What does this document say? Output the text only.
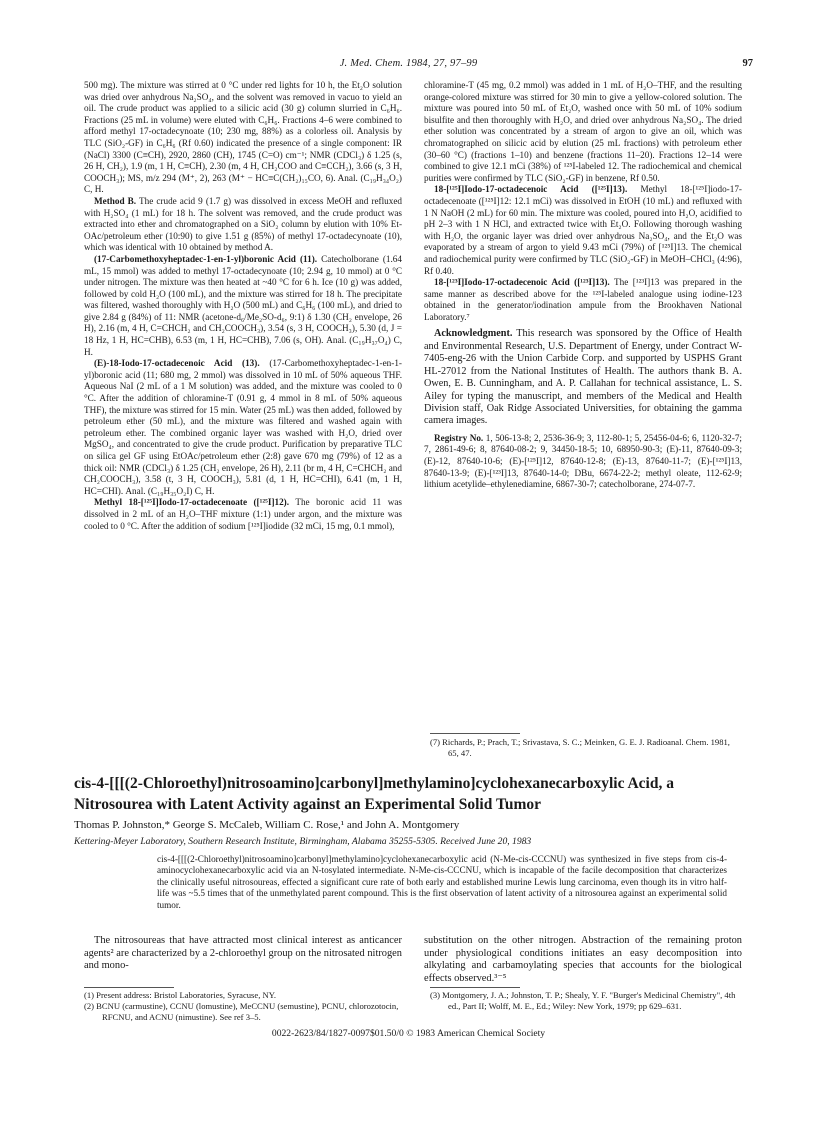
J. Med. Chem. 1984, 27, 97–99	97

500 mg). The mixture was stirred at 0 °C under red lights for 10 h, the Et₂O solution was dried over anhydrous Na₂SO₄, and the solvent was removed in vacuo to yield an oil. The crude product was applied to a silicic acid (30 g) column slurried in C₆H₆. Fractions (25 mL in volume) were eluted with C₆H₆. Fractions 4–6 were combined to afford methyl 17-octadecynoate (10; 230 mg, 88%) as a colorless oil. Analysis by TLC (SiO₂-GF) in C₆H₆ (Rf 0.60) indicated the presence of a single component: IR (NaCl) 3300 (C≡CH), 2920, 2860 (CH), 1745 (C=O) cm⁻¹; NMR (CDCl₃) δ 1.25 (s, 26 H, CH₂), 1.9 (m, 1 H, C≡CH), 2.30 (m, 4 H, CH₂COO and C≡CCH₂), 3.66 (s, 3 H, COOCH₃); MS, m/z 294 (M⁺, 2), 263 (M⁺ − HC≡C(CH₂)₁₅CO, 6). Anal. (C₁₉H₃₄O₂) C, H.

Method B. The crude acid 9 (1.7 g) was dissolved in excess MeOH and refluxed with H₂SO₄ (1 mL) for 18 h. The solvent was removed, and the crude product was extracted into ether and chromatographed on a SiO₂ column by elution with 10% Et-OAc/petroleum ether (10:90) to give 1.51 g (85%) of methyl 17-octadecynoate (10), which was identical with 10 obtained by method A.

(17-Carbomethoxyheptadec-1-en-1-yl)boronic Acid (11). Catecholborane (1.64 mL, 15 mmol) was added to methyl 17-octadecynoate (10; 2.94 g, 10 mmol) at 0 °C under nitrogen. The mixture was then heated at ~40 °C for 6 h. Ice (10 g) was added, followed by cold H₂O (100 mL), and the mixture was stirred for 18 h. The precipitate was filtered, washed thoroughly with H₂O (500 mL) and C₆H₆ (100 mL), and dried to give 2.84 g (84%) of 11: NMR (acetone-d₆/Me₂SO-d₆, 9:1) δ 1.30 (CH₂ envelope, 26 H), 2.16 (m, 4 H, C=CHCH₂ and CH₂COOCH₃), 3.54 (s, 3 H, COOCH₃), 5.30 (d, J = 18 Hz, 1 H, HC=CHB), 6.53 (m, 1 H, HC=CHB), 7.06 (s, OH). Anal. (C₁₉H₃₇O₄) C, H.

(E)-18-Iodo-17-octadecenoic Acid (13). (17-Carbomethoxyheptadec-1-en-1-yl)boronic acid (11; 680 mg, 2 mmol) was dissolved in 10 mL of 50% aqueous THF. Aqueous NaI (2 mL of a 1 M solution) was added, and the mixture was cooled to 0 °C. After the addition of chloramine-T (0.91 g, 4 mmol in 8 mL of 50% aqueous THF), the mixture was stirred for 15 min. Water (25 mL) was then added, followed by petroleum ether (50 mL), and the mixture was filtered and washed again with petroleum ether. The combined organic layer was washed with H₂O, dried over MgSO₄, and concentrated to give the crude product. Purification by preparative TLC on silica gel GF using EtOAc/petroleum ether (2:8) gave 670 mg (79%) of 12 as a thick oil: NMR (CDCl₃) δ 1.25 (CH₂ envelope, 26 H), 2.11 (br m, 4 H, C=CHCH₂ and CH₂COOCH₃), 3.58 (t, 3 H, COOCH₃), 5.81 (d, 1 H, HC=CHI), 6.41 (m, 1 H, HC=CHI). Anal. (C₁₉H₃₅O₂I) C, H.

Methyl 18-[¹²⁵I]Iodo-17-octadecenoate ([¹²⁵I]12). The boronic acid 11 was dissolved in 2 mL of an H₂O–THF mixture (1:1) under argon, and the mixture was cooled to 0 °C. After the addition of sodium [¹²⁵I]iodide (32 mCi, 15 mg, 0.1 mmol),

chloramine-T (45 mg, 0.2 mmol) was added in 1 mL of H₂O–THF, and the resulting orange-colored mixture was stirred for 30 min to give a yellow-colored solution. The mixture was poured into 50 mL of Et₂O, washed once with 50 mL of 10% sodium bisulfite and then thoroughly with H₂O, and dried over anhydrous Na₂SO₄. The dried ether solution was concentrated by a stream of argon to give an oil, which was chromatographed on silicic acid by elution (25 mL fractions) with petroleum ether (30–60 °C) (fractions 1–10) and benzene (fractions 11–20). Fractions 12–14 were combined to give 12.1 mCi (38%) of ¹²⁵I-labeled 12. The radiochemical and chemical purities were confirmed by TLC (SiO₂-GF) in benzene, Rf 0.50.

18-[¹²⁵I]Iodo-17-octadecenoic Acid ([¹²⁵I]13). Methyl 18-[¹²⁵I]iodo-17-octadecenoate ([¹²⁵I]12: 12.1 mCi) was dissolved in EtOH (10 mL) and refluxed with 1 N NaOH (2 mL) for 60 min. The mixture was cooled, poured into H₂O, acidified to pH 2–3 with 1 N HCl, and extracted twice with Et₂O. Following thorough washing with H₂O, the organic layer was dried over anhydrous Na₂SO₄, and the Et₂O was evaporated by a stream of argon to yield 9.43 mCi (79%) of [¹²⁵I]13. The chemical and radiochemical purity were confirmed by TLC (SiO₂-GF) in MeOH–CHCl₃ (4:96), Rf 0.40.

18-[¹²³I]Iodo-17-octadecenoic Acid ([¹²³I]13). The [¹²³I]13 was prepared in the same manner as described above for the ¹²⁵I-labeled analogue using iodine-123 obtained in the generator/iodination ampule from the Brookhaven National Laboratory.⁷

Acknowledgment. This research was sponsored by the Office of Health and Environmental Research, U.S. Department of Energy, under Contract W-7405-eng-26 with the Union Carbide Corp. and supported by USPHS Grant HL-27012 from the National Institutes of Health. The authors thank B. A. Owen, E. B. Cunningham, and A. P. Callahan for technical assistance, L. S. Ailey for typing the manuscript, and members of the Medical and Health Division staff, Oak Ridge Associated Universities, for obtaining the gamma camera images.

Registry No. 1, 506-13-8; 2, 2536-36-9; 3, 112-80-1; 5, 25456-04-6; 6, 1120-32-7; 7, 2861-49-6; 8, 87640-08-2; 9, 34450-18-5; 10, 68950-90-3; (E)-11, 87640-09-3; (E)-12, 87640-10-6; (E)-[¹²⁵I]12, 87640-12-8; (E)-13, 87640-11-7; (E)-[¹²⁵I]13, 87640-13-9; (E)-[¹²³I]13, 87640-14-0; DBu, 6674-22-2; methyl oleate, 112-62-9; lithium acetylide–ethylenediamine, 6867-30-7; catecholborane, 274-07-7.

(7) Richards, P.; Prach, T.; Srivastava, S. C.; Meinken, G. E. J. Radioanal. Chem. 1981, 65, 47.
cis-4-[[[(2-Chloroethyl)nitrosoamino]carbonyl]methylamino]cyclohexanecarboxylic Acid, a Nitrosourea with Latent Activity against an Experimental Solid Tumor
Thomas P. Johnston,* George S. McCaleb, William C. Rose,¹ and John A. Montgomery
Kettering-Meyer Laboratory, Southern Research Institute, Birmingham, Alabama 35255-5305. Received June 20, 1983
cis-4-[[[(2-Chloroethyl)nitrosoamino]carbonyl]methylamino]cyclohexanecarboxylic acid (N-Me-cis-CCCNU) was synthesized in five steps from cis-4-aminocyclohexanecarboxylic acid via an N-tosylated intermediate. N-Me-cis-CCCNU, which is incapable of the facile decomposition that characterizes the clinically useful nitrosoureas, effected a significant cure rate of both early and established murine Lewis lung carcinoma, even though its in vitro half-life was ~5.5 times that of the unmethylated parent compound. This is the first observation of latent activity of a nitrosourea against an experimental solid tumor.
The nitrosoureas that have attracted most clinical interest as anticancer agents² are characterized by a 2-chloroethyl group on the nitrosated nitrogen and mono-
substitution on the other nitrogen. Abstraction of the remaining proton under physiological conditions initiates an easy decomposition into alkylating and carbamoylating species that accounts for the biological effects observed.³⁻⁵
(1) Present address: Bristol Laboratories, Syracuse, NY.
(2) BCNU (carmustine), CCNU (lomustine), MeCCNU (semustine), PCNU, chlorozotocin, RFCNU, and ACNU (nimustine). See ref 3–5.
(3) Montgomery, J. A.; Johnston, T. P.; Shealy, Y. F. "Burger's Medicinal Chemistry", 4th ed., Part II; Wolff, M. E., Ed.; Wiley: New York, 1979; pp 629–631.
0022-2623/84/1827-0097$01.50/0 © 1983 American Chemical Society
